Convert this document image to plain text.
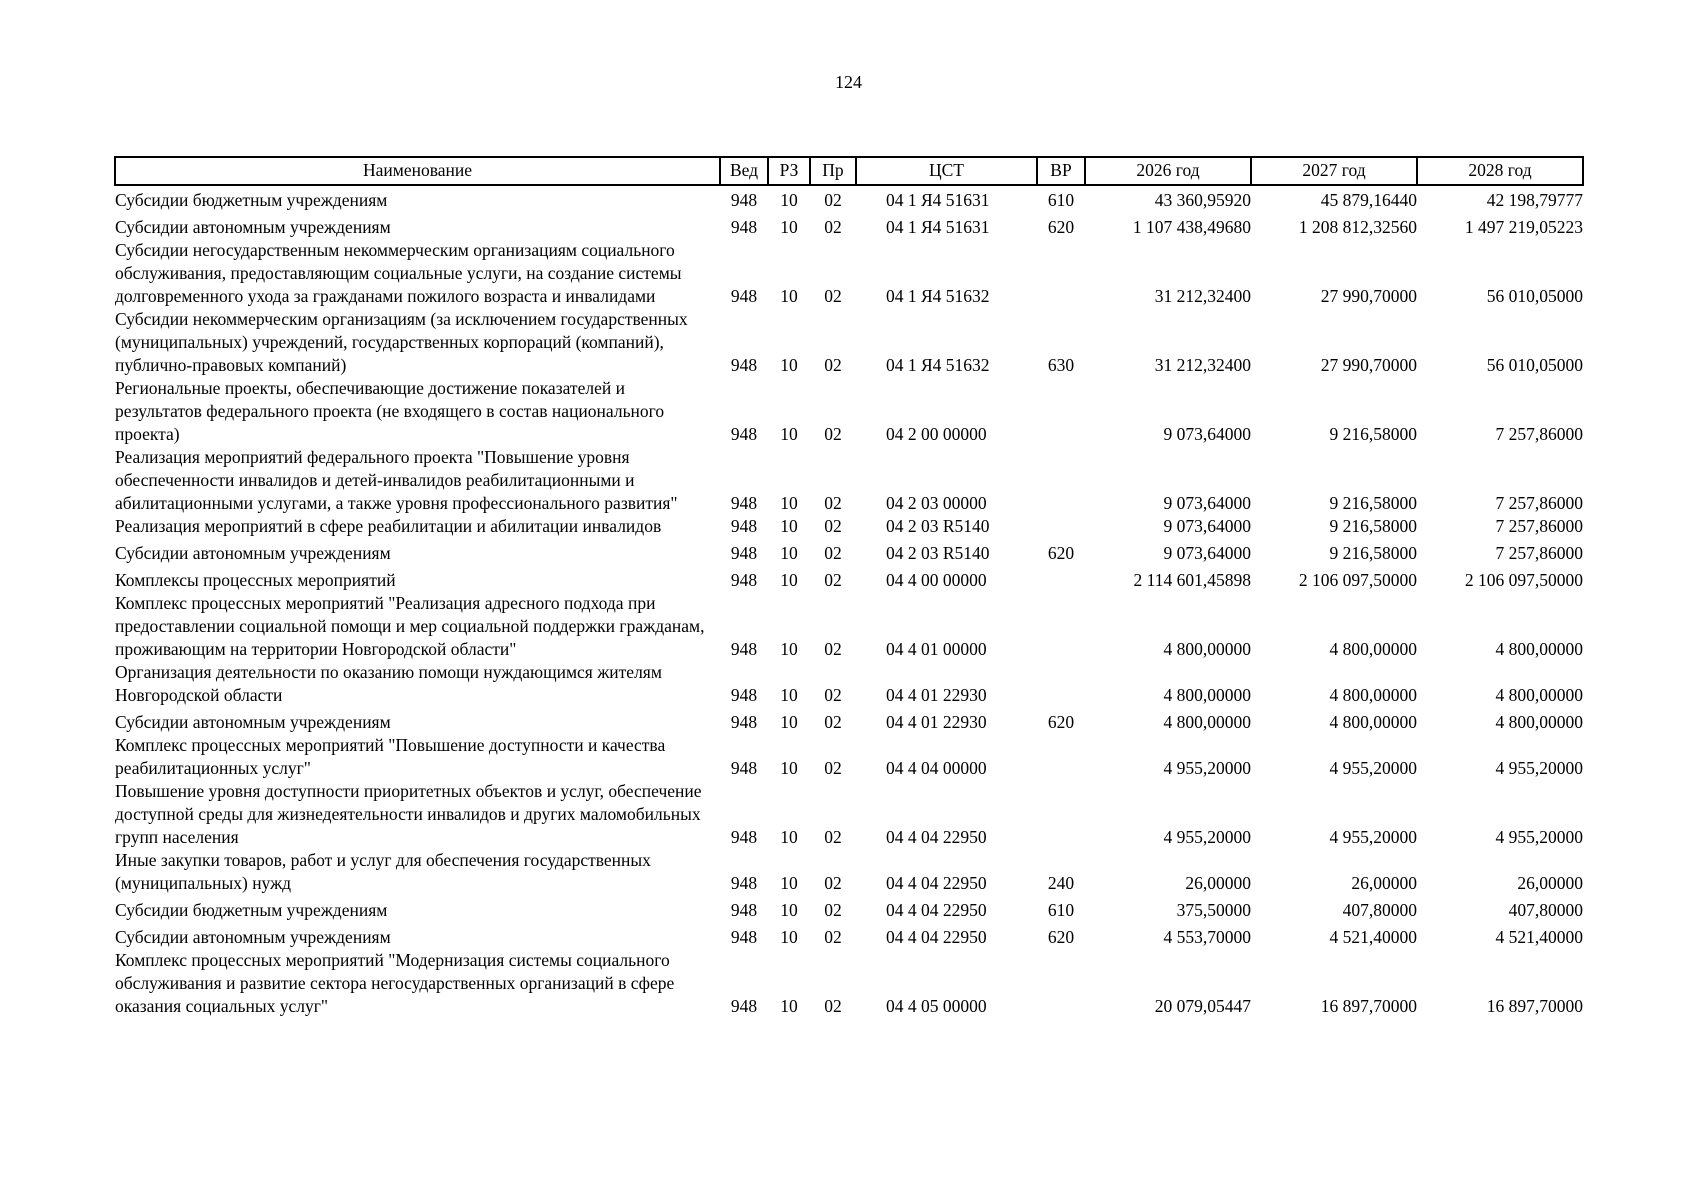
124
Наименование	Вед	РЗ	Пр	ЦСТ	ВР	2026 год	2027 год	2028 год
Субсидии бюджетным учреждениям	948	10	02	04 1 Я4 51631	610	43 360,95920	45 879,16440	42 198,79777
Субсидии автономным учреждениям	948	10	02	04 1 Я4 51631	620	1 107 438,49680	1 208 812,32560	1 497 219,05223
Субсидии негосударственным некоммерческим организациям социального обслуживания, предоставляющим социальные услуги, на создание системы долговременного ухода за гражданами пожилого возраста и инвалидами	948	10	02	04 1 Я4 51632		31 212,32400	27 990,70000	56 010,05000
Субсидии некоммерческим организациям (за исключением государственных (муниципальных) учреждений, государственных корпораций (компаний), публично-правовых компаний)	948	10	02	04 1 Я4 51632	630	31 212,32400	27 990,70000	56 010,05000
Региональные проекты, обеспечивающие достижение показателей и результатов федерального проекта (не входящего в состав национального проекта)	948	10	02	04 2 00 00000		9 073,64000	9 216,58000	7 257,86000
Реализация мероприятий федерального проекта "Повышение уровня обеспеченности инвалидов и детей-инвалидов реабилитационными и абилитационными услугами, а также уровня профессионального развития"	948	10	02	04 2 03 00000		9 073,64000	9 216,58000	7 257,86000
Реализация мероприятий в сфере реабилитации и абилитации инвалидов	948	10	02	04 2 03 R5140		9 073,64000	9 216,58000	7 257,86000
Субсидии автономным учреждениям	948	10	02	04 2 03 R5140	620	9 073,64000	9 216,58000	7 257,86000
Комплексы процессных мероприятий	948	10	02	04 4 00 00000		2 114 601,45898	2 106 097,50000	2 106 097,50000
Комплекс процессных мероприятий "Реализация адресного подхода при предоставлении социальной помощи и мер социальной поддержки гражданам, проживающим на территории Новгородской области"	948	10	02	04 4 01 00000		4 800,00000	4 800,00000	4 800,00000
Организация деятельности по оказанию помощи нуждающимся жителям Новгородской области	948	10	02	04 4 01 22930		4 800,00000	4 800,00000	4 800,00000
Субсидии автономным учреждениям	948	10	02	04 4 01 22930	620	4 800,00000	4 800,00000	4 800,00000
Комплекс процессных мероприятий "Повышение доступности и качества реабилитационных услуг"	948	10	02	04 4 04 00000		4 955,20000	4 955,20000	4 955,20000
Повышение уровня доступности приоритетных объектов и услуг, обеспечение доступной среды для жизнедеятельности инвалидов и других маломобильных групп населения	948	10	02	04 4 04 22950		4 955,20000	4 955,20000	4 955,20000
Иные закупки товаров, работ и услуг для обеспечения государственных (муниципальных) нужд	948	10	02	04 4 04 22950	240	26,00000	26,00000	26,00000
Субсидии бюджетным учреждениям	948	10	02	04 4 04 22950	610	375,50000	407,80000	407,80000
Субсидии автономным учреждениям	948	10	02	04 4 04 22950	620	4 553,70000	4 521,40000	4 521,40000
Комплекс процессных мероприятий "Модернизация системы социального обслуживания и развитие сектора негосударственных организаций в сфере оказания социальных услуг"	948	10	02	04 4 05 00000		20 079,05447	16 897,70000	16 897,70000
